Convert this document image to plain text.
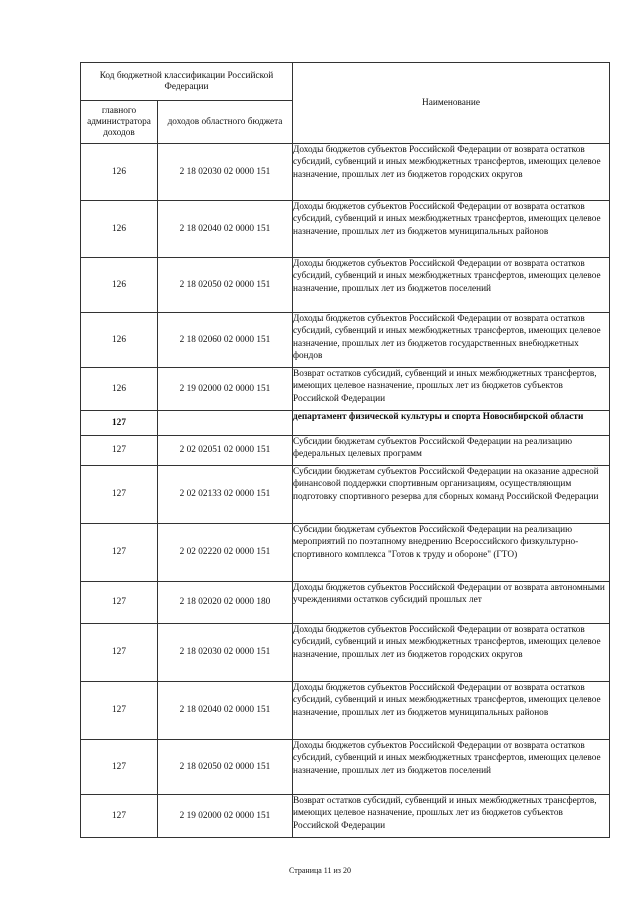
Код бюджетной классификации Российской Федерации		Наименование
главного администратора доходов	доходов областного бюджета	
126	2 18 02030 02 0000 151	Доходы бюджетов субъектов Российской Федерации от возврата остатков субсидий, субвенций и иных межбюджетных трансфертов, имеющих целевое назначение, прошлых лет из бюджетов городских округов
126	2 18 02040 02 0000 151	Доходы бюджетов субъектов Российской Федерации от возврата остатков субсидий, субвенций и иных межбюджетных трансфертов, имеющих целевое назначение, прошлых лет из бюджетов муниципальных районов
126	2 18 02050 02 0000 151	Доходы бюджетов субъектов Российской Федерации от возврата остатков субсидий, субвенций и иных межбюджетных трансфертов, имеющих целевое назначение, прошлых лет из бюджетов поселений
126	2 18 02060 02 0000 151	Доходы бюджетов субъектов Российской Федерации от возврата остатков субсидий, субвенций и иных межбюджетных трансфертов, имеющих целевое назначение, прошлых лет из бюджетов государственных внебюджетных фондов
126	2 19 02000 02 0000 151	Возврат остатков субсидий, субвенций и иных межбюджетных трансфертов, имеющих целевое назначение, прошлых лет из бюджетов субъектов Российской Федерации
127		департамент физической культуры и спорта Новосибирской области
127	2 02 02051 02 0000 151	Субсидии бюджетам субъектов Российской Федерации на реализацию федеральных целевых программ
127	2 02 02133 02 0000 151	Субсидии бюджетам субъектов Российской Федерации на оказание адресной финансовой поддержки спортивным организациям, осуществляющим подготовку спортивного резерва для сборных команд Российской Федерации
127	2 02 02220 02 0000 151	Субсидии бюджетам субъектов Российской Федерации на реализацию мероприятий по поэтапному внедрению Всероссийского физкультурно-спортивного комплекса "Готов к труду и обороне" (ГТО)
127	2 18 02020 02 0000 180	Доходы бюджетов субъектов Российской Федерации от возврата автономными учреждениями остатков субсидий прошлых лет
127	2 18 02030 02 0000 151	Доходы бюджетов субъектов Российской Федерации от возврата остатков субсидий, субвенций и иных межбюджетных трансфертов, имеющих целевое назначение, прошлых лет из бюджетов городских округов
127	2 18 02040 02 0000 151	Доходы бюджетов субъектов Российской Федерации от возврата остатков субсидий, субвенций и иных межбюджетных трансфертов, имеющих целевое назначение, прошлых лет из бюджетов муниципальных районов
127	2 18 02050 02 0000 151	Доходы бюджетов субъектов Российской Федерации от возврата остатков субсидий, субвенций и иных межбюджетных трансфертов, имеющих целевое назначение, прошлых лет из бюджетов поселений
127	2 19 02000 02 0000 151	Возврат остатков субсидий, субвенций и иных межбюджетных трансфертов, имеющих целевое назначение, прошлых лет из бюджетов субъектов Российской Федерации
Страница 11 из 20
